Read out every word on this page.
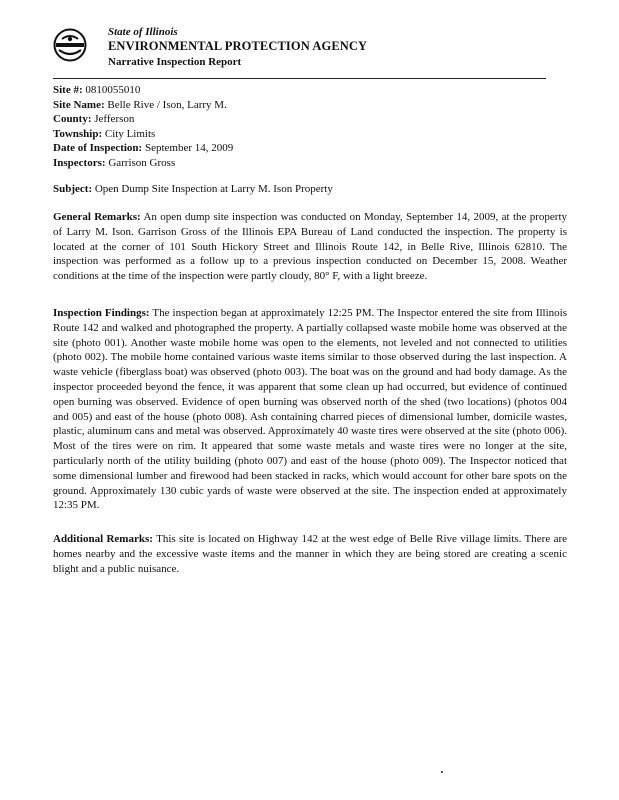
State of Illinois
ENVIRONMENTAL PROTECTION AGENCY
Narrative Inspection Report
Site #: 0810055010
Site Name: Belle Rive / Ison, Larry M.
County: Jefferson
Township: City Limits
Date of Inspection: September 14, 2009
Inspectors: Garrison Gross
Subject: Open Dump Site Inspection at Larry M. Ison Property
General Remarks: An open dump site inspection was conducted on Monday, September 14, 2009, at the property of Larry M. Ison. Garrison Gross of the Illinois EPA Bureau of Land conducted the inspection. The property is located at the corner of 101 South Hickory Street and Illinois Route 142, in Belle Rive, Illinois 62810. The inspection was performed as a follow up to a previous inspection conducted on December 15, 2008. Weather conditions at the time of the inspection were partly cloudy, 80° F, with a light breeze.
Inspection Findings: The inspection began at approximately 12:25 PM. The Inspector entered the site from Illinois Route 142 and walked and photographed the property. A partially collapsed waste mobile home was observed at the site (photo 001). Another waste mobile home was open to the elements, not leveled and not connected to utilities (photo 002). The mobile home contained various waste items similar to those observed during the last inspection. A waste vehicle (fiberglass boat) was observed (photo 003). The boat was on the ground and had body damage. As the inspector proceeded beyond the fence, it was apparent that some clean up had occurred, but evidence of continued open burning was observed. Evidence of open burning was observed north of the shed (two locations) (photos 004 and 005) and east of the house (photo 008). Ash containing charred pieces of dimensional lumber, domicile wastes, plastic, aluminum cans and metal was observed. Approximately 40 waste tires were observed at the site (photo 006). Most of the tires were on rim. It appeared that some waste metals and waste tires were no longer at the site, particularly north of the utility building (photo 007) and east of the house (photo 009). The Inspector noticed that some dimensional lumber and firewood had been stacked in racks, which would account for other bare spots on the ground. Approximately 130 cubic yards of waste were observed at the site. The inspection ended at approximately 12:35 PM.
Additional Remarks: This site is located on Highway 142 at the west edge of Belle Rive village limits. There are homes nearby and the excessive waste items and the manner in which they are being stored are creating a scenic blight and a public nuisance.
